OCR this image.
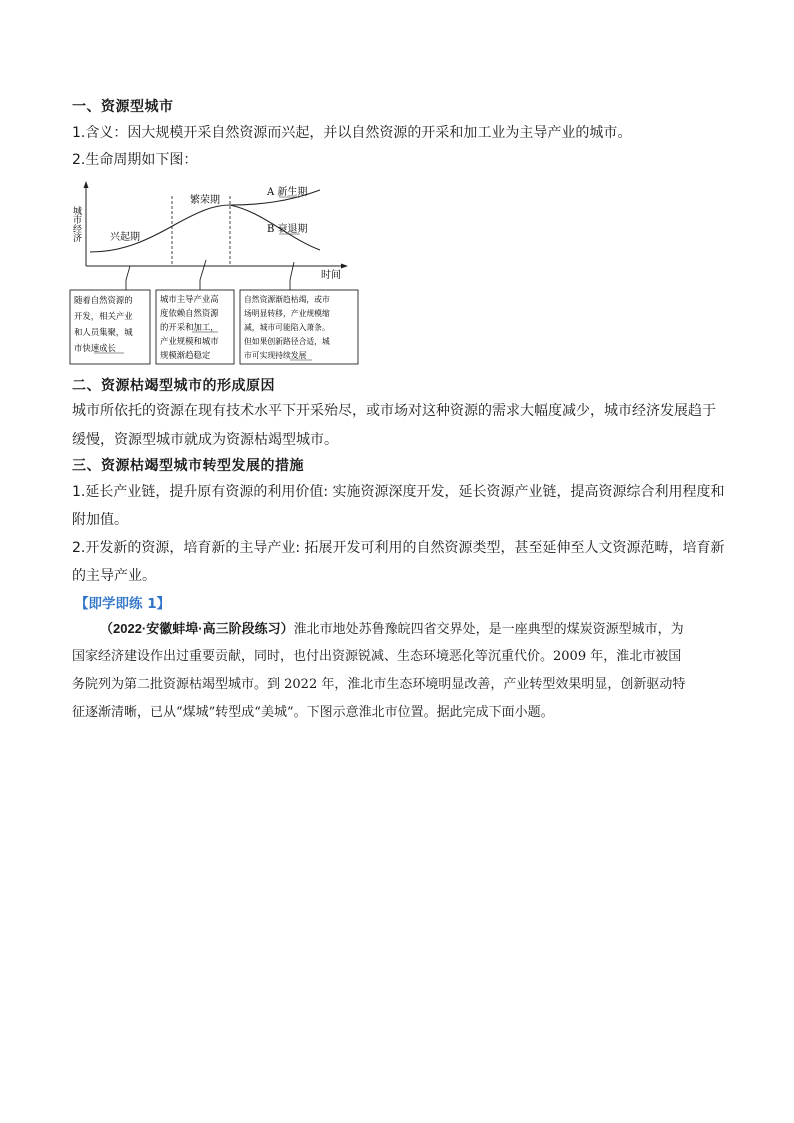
一、资源型城市
1.含义：因大规模开采自然资源而兴起，并以自然资源的开采和加工业为主导产业的城市。
2.生命周期如下图：
城市经济
时间
兴起期
繁荣期
A 新生期
B 衰退期
随着自然资源的 开发，相关产业 和人员集聚，城 市快速成长
城市主导产业高 度依赖自然资源 的开采和加工， 产业规模和城市 规模渐趋稳定
自然资源渐趋枯竭，或市 场明显转移，产业规模缩 减，城市可能陷入萧条。 但如果创新路径合适，城 市可实现持续发展
二、资源枯竭型城市的形成原因
城市所依托的资源在现有技术水平下开采殆尽，或市场对这种资源的需求大幅度减少，城市经济发展趋于
缓慢，资源型城市就成为资源枯竭型城市。
三、资源枯竭型城市转型发展的措施
1.延长产业链，提升原有资源的利用价值: 实施资源深度开发，延长资源产业链，提高资源综合利用程度和
附加值。
2.开发新的资源，培育新的主导产业: 拓展开发可利用的自然资源类型，甚至延伸至人文资源范畴，培育新
的主导产业。
【即学即练 1】
（2022·安徽蚌埠·高三阶段练习）淮北市地处苏鲁豫皖四省交界处，是一座典型的煤炭资源型城市，为
国家经济建设作出过重要贡献，同时，也付出资源锐减、生态环境恶化等沉重代价。2009 年，淮北市被国
务院列为第二批资源枯竭型城市。到 2022 年，淮北市生态环境明显改善，产业转型效果明显，创新驱动特
征逐渐清晰，已从“煤城”转型成“美城”。下图示意淮北市位置。据此完成下面小题。
